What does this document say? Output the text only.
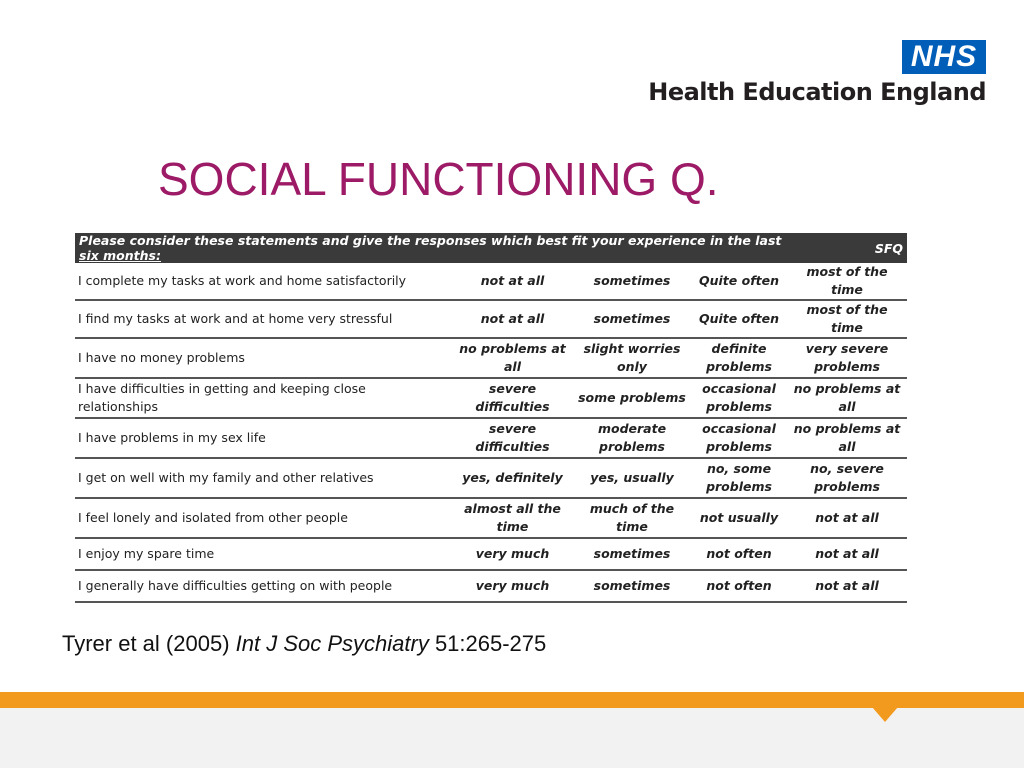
NHS
Health Education England
SOCIAL FUNCTIONING Q.
Please consider these statements and give the responses which best fit your experience in the last six months:				SFQ
I complete my tasks at work and home satisfactorily	not at all	sometimes	Quite often	most of the time
I find my tasks at work and at home very stressful	not at all	sometimes	Quite often	most of the time
I have no money problems	no problems at all	slight worries only	definite problems	very severe problems
I have difficulties in getting and keeping close relationships	severe difficulties	some problems	occasional problems	no problems at all
I have problems in my sex life	severe difficulties	moderate problems	occasional problems	no problems at all
I get on well with my family and other relatives	yes, definitely	yes, usually	no, some problems	no, severe problems
I feel lonely and isolated from other people	almost all the time	much of the time	not usually	not at all
I enjoy my spare time	very much	sometimes	not often	not at all
I generally have difficulties getting on with people	very much	sometimes	not often	not at all
Tyrer et al (2005) Int J Soc Psychiatry 51:265-275
